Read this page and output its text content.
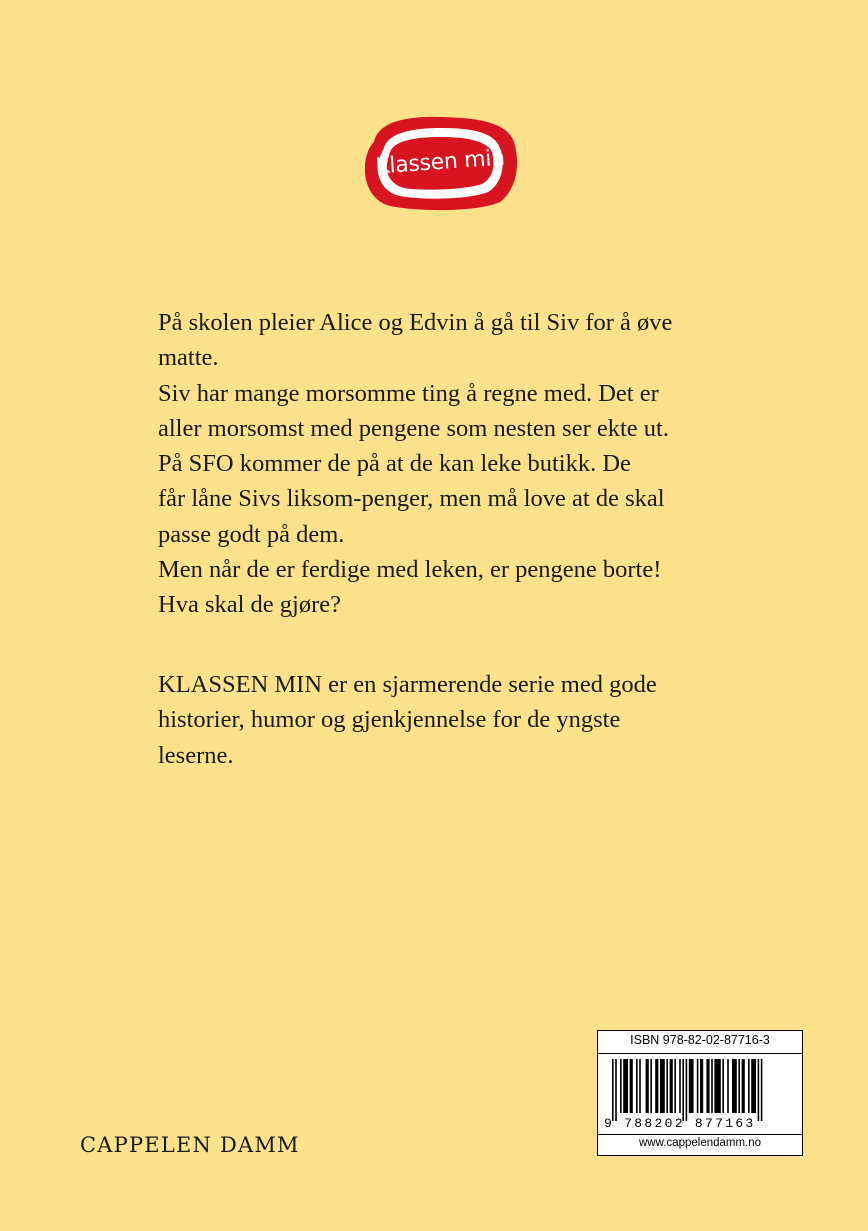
Klassen min

På skolen pleier Alice og Edvin å gå til Siv for å øve

matte.

Siv har mange morsomme ting å regne med. Det er

aller morsomst med pengene som nesten ser ekte ut.

På SFO kommer de på at de kan leke butikk. De

får låne Sivs liksom-penger, men må love at de skal

passe godt på dem.

Men når de er ferdige med leken, er pengene borte!

Hva skal de gjøre?

KLASSEN MIN er en sjarmerende serie med gode

historier, humor og gjenkjennelse for de yngste

leserne.

CAPPELEN DAMM
ISBN 978-82-02-87716-3
9 788202 877163
www.cappelendamm.no
